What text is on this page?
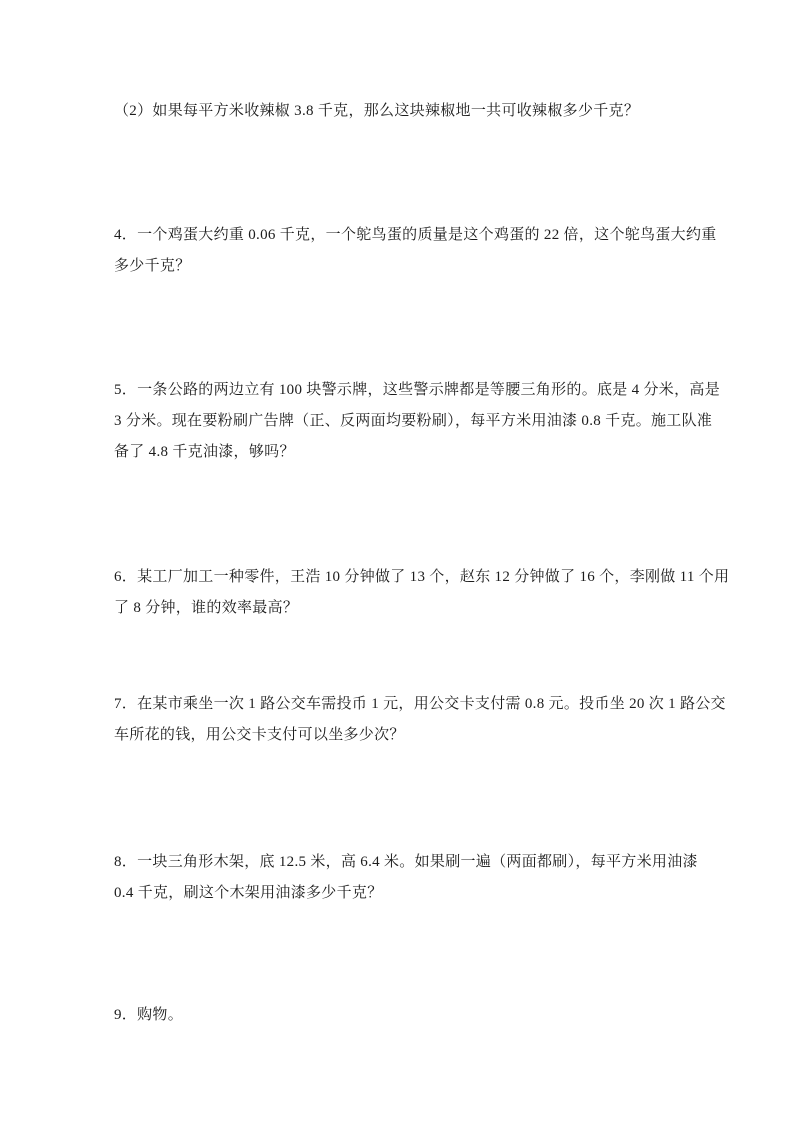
（2）如果每平方米收辣椒 3.8 千克，那么这块辣椒地一共可收辣椒多少千克？
4．一个鸡蛋大约重 0.06 千克，一个鸵鸟蛋的质量是这个鸡蛋的 22 倍，这个鸵鸟蛋大约重
多少千克？
5．一条公路的两边立有 100 块警示牌，这些警示牌都是等腰三角形的。底是 4 分米，高是
3 分米。现在要粉刷广告牌（正、反两面均要粉刷），每平方米用油漆 0.8 千克。施工队准
备了 4.8 千克油漆，够吗？
6．某工厂加工一种零件，王浩 10 分钟做了 13 个，赵东 12 分钟做了 16 个，李刚做 11 个用
了 8 分钟，谁的效率最高？
7．在某市乘坐一次 1 路公交车需投币 1 元，用公交卡支付需 0.8 元。投币坐 20 次 1 路公交
车所花的钱，用公交卡支付可以坐多少次？
8．一块三角形木架，底 12.5 米，高 6.4 米。如果刷一遍（两面都刷），每平方米用油漆
0.4 千克，刷这个木架用油漆多少千克？
9．购物。
